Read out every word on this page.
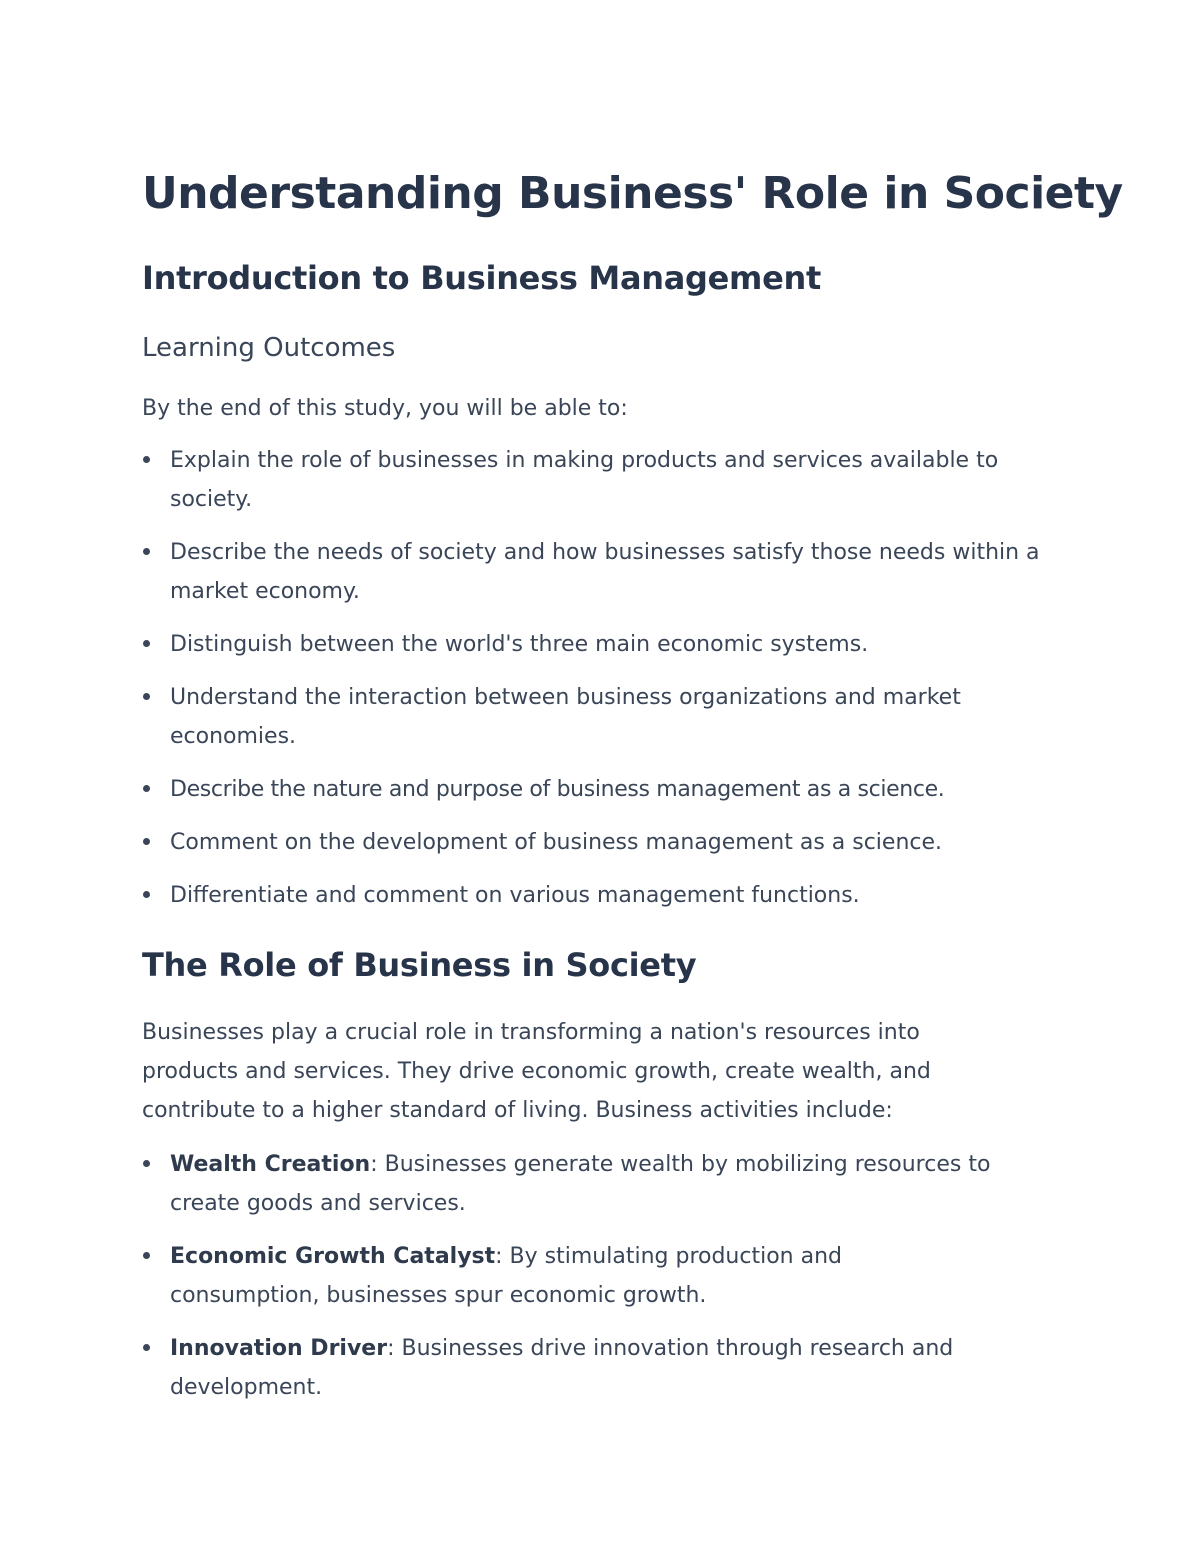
Understanding Business' Role in Society
Introduction to Business Management
Learning Outcomes

By the end of this study, you will be able to:

Explain the role of businesses in making products and services available to society.
Describe the needs of society and how businesses satisfy those needs within a market economy.
Distinguish between the world's three main economic systems.
Understand the interaction between business organizations and market economies.
Describe the nature and purpose of business management as a science.
Comment on the development of business management as a science.
Differentiate and comment on various management functions.
The Role of Business in Society

Businesses play a crucial role in transforming a nation's resources into products and services. They drive economic growth, create wealth, and contribute to a higher standard of living. Business activities include:

Wealth Creation: Businesses generate wealth by mobilizing resources to create goods and services.
Economic Growth Catalyst: By stimulating production and consumption, businesses spur economic growth.
Innovation Driver: Businesses drive innovation through research and development.
